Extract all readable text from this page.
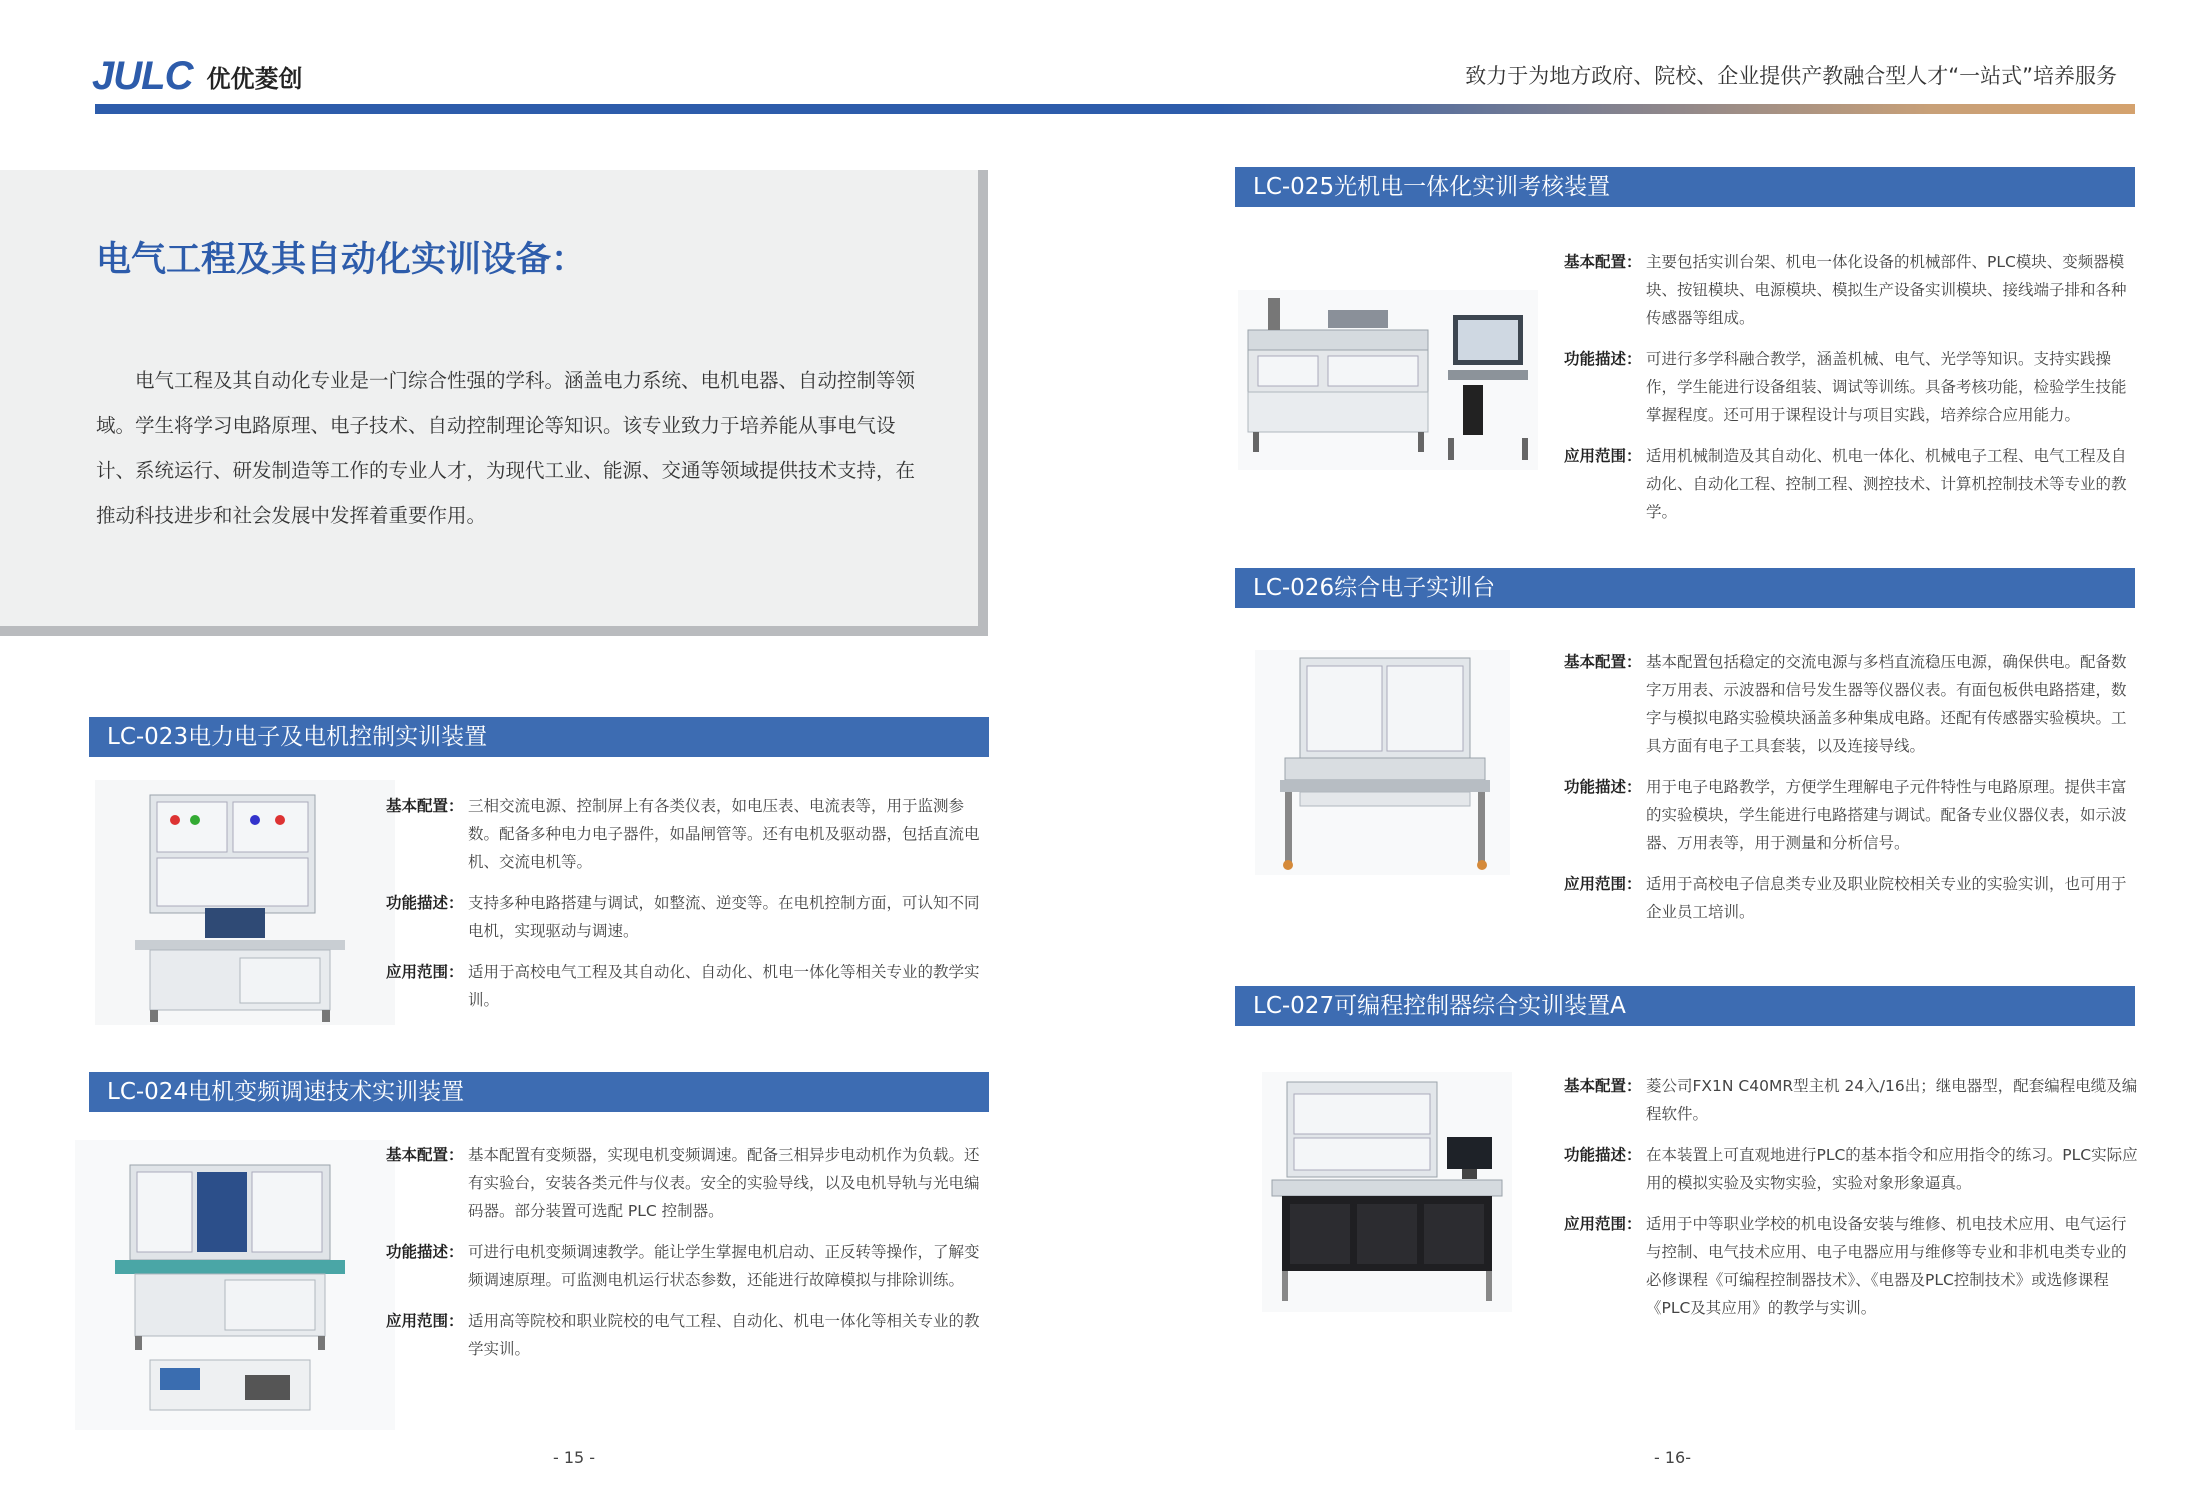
JULC 优优菱创	致力于为地方政府、院校、企业提供产教融合型人才“一站式”培养服务
电气工程及其自动化实训设备：
电气工程及其自动化专业是一门综合性强的学科。涵盖电力系统、电机电器、自动控制等领域。学生将学习电路原理、电子技术、自动控制理论等知识。该专业致力于培养能从事电气设计、系统运行、研发制造等工作的专业人才，为现代工业、能源、交通等领域提供技术支持，在推动科技进步和社会发展中发挥着重要作用。
LC-023电力电子及电机控制实训装置
基本配置： 三相交流电源、控制屏上有各类仪表，如电压表、电流表等，用于监测参数。配备多种电力电子器件，如晶闸管等。还有电机及驱动器，包括直流电机、交流电机等。
功能描述： 支持多种电路搭建与调试，如整流、逆变等。在电机控制方面，可认知不同电机，实现驱动与调速。
应用范围： 适用于高校电气工程及其自动化、自动化、机电一体化等相关专业的教学实训。
LC-024电机变频调速技术实训装置
基本配置： 基本配置有变频器，实现电机变频调速。配备三相异步电动机作为负载。还有实验台，安装各类元件与仪表。安全的实验导线，以及电机导轨与光电编码器。部分装置可选配 PLC 控制器。
功能描述： 可进行电机变频调速教学。能让学生掌握电机启动、正反转等操作，了解变频调速原理。可监测电机运行状态参数，还能进行故障模拟与排除训练。
应用范围： 适用高等院校和职业院校的电气工程、自动化、机电一体化等相关专业的教学实训。
LC-025光机电一体化实训考核装置
基本配置： 主要包括实训台架、机电一体化设备的机械部件、PLC模块、变频器模块、按钮模块、电源模块、模拟生产设备实训模块、接线端子排和各种传感器等组成。
功能描述： 可进行多学科融合教学，涵盖机械、电气、光学等知识。支持实践操作，学生能进行设备组装、调试等训练。具备考核功能，检验学生技能掌握程度。还可用于课程设计与项目实践，培养综合应用能力。
应用范围： 适用机械制造及其自动化、机电一体化、机械电子工程、电气工程及自动化、自动化工程、控制工程、测控技术、计算机控制技术等专业的教学。
LC-026综合电子实训台
基本配置： 基本配置包括稳定的交流电源与多档直流稳压电源，确保供电。配备数字万用表、示波器和信号发生器等仪器仪表。有面包板供电路搭建，数字与模拟电路实验模块涵盖多种集成电路。还配有传感器实验模块。工具方面有电子工具套装，以及连接导线。
功能描述： 用于电子电路教学，方便学生理解电子元件特性与电路原理。提供丰富的实验模块，学生能进行电路搭建与调试。配备专业仪器仪表，如示波器、万用表等，用于测量和分析信号。
应用范围： 适用于高校电子信息类专业及职业院校相关专业的实验实训，也可用于企业员工培训。
LC-027可编程控制器综合实训装置A
基本配置： 菱公司FX1N C40MR型主机 24入/16出；继电器型，配套编程电缆及编程软件。
功能描述： 在本装置上可直观地进行PLC的基本指令和应用指令的练习。PLC实际应用的模拟实验及实物实验，实验对象形象逼真。
应用范围： 适用于中等职业学校的机电设备安装与维修、机电技术应用、电气运行与控制、电气技术应用、电子电器应用与维修等专业和非机电类专业的必修课程《可编程控制器技术》、《电器及PLC控制技术》或选修课程《PLC及其应用》的教学与实训。
- 15 -	- 16-
